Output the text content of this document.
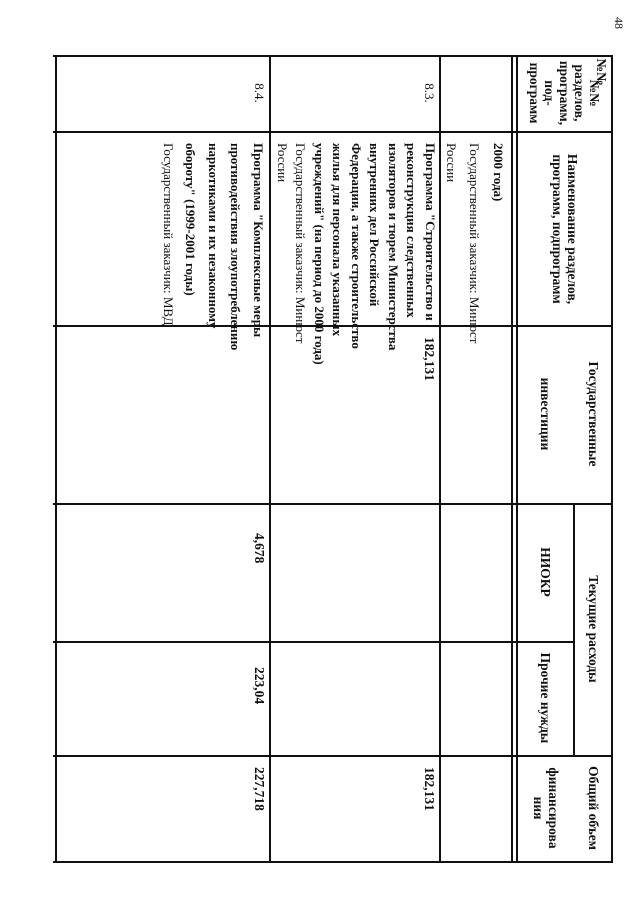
48
№№
№№
разделов,
программ,
под-
программ
Наименование разделов, программ, подпрограмм
Государственные
инвестиции
Текущие расходы
НИОКР
Прочие нужды
Общий объем
финансирова ния
2000 года)
Государственный заказчик: Минюст
России
8.3.
Программа "Строительство и
реконструкция следственных
изоляторов и тюрем Министерства
внутренних дел Российской
Федерации, а также строительство
жилья для персонала указанных
учреждений" (на период до 2000 года)
Государственный заказчик: Минюст
России
182,131
182,131
8.4.
Программа "Комплексные меры
противодействия злоупотреблению
наркотиками и их незаконному
обороту" (1999-2001 годы)
Государственный заказчик: МВД
4,678
223,04
227,718
